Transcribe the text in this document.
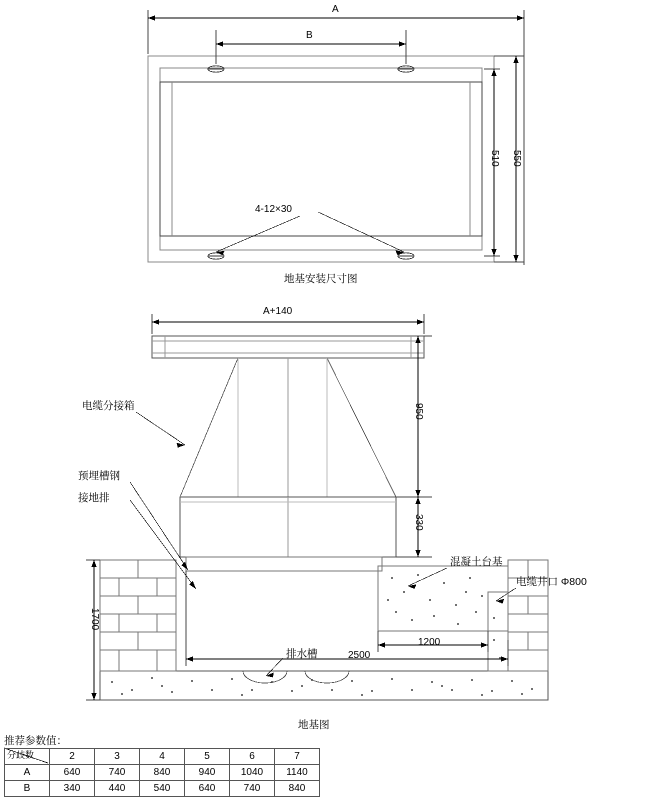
A
B
510 550
4-12×30
地基安装尺寸图
A+140
950
330
1700
1200
2500
电缆分接箱
预埋槽钢
接地排
混凝土台基
电缆井口 Φ800
排水槽
地基图
推荐参数值：
分歧数	2	3	4	5	6	7
A	640	740	840	940	1040	1140
B	340	440	540	640	740	840
